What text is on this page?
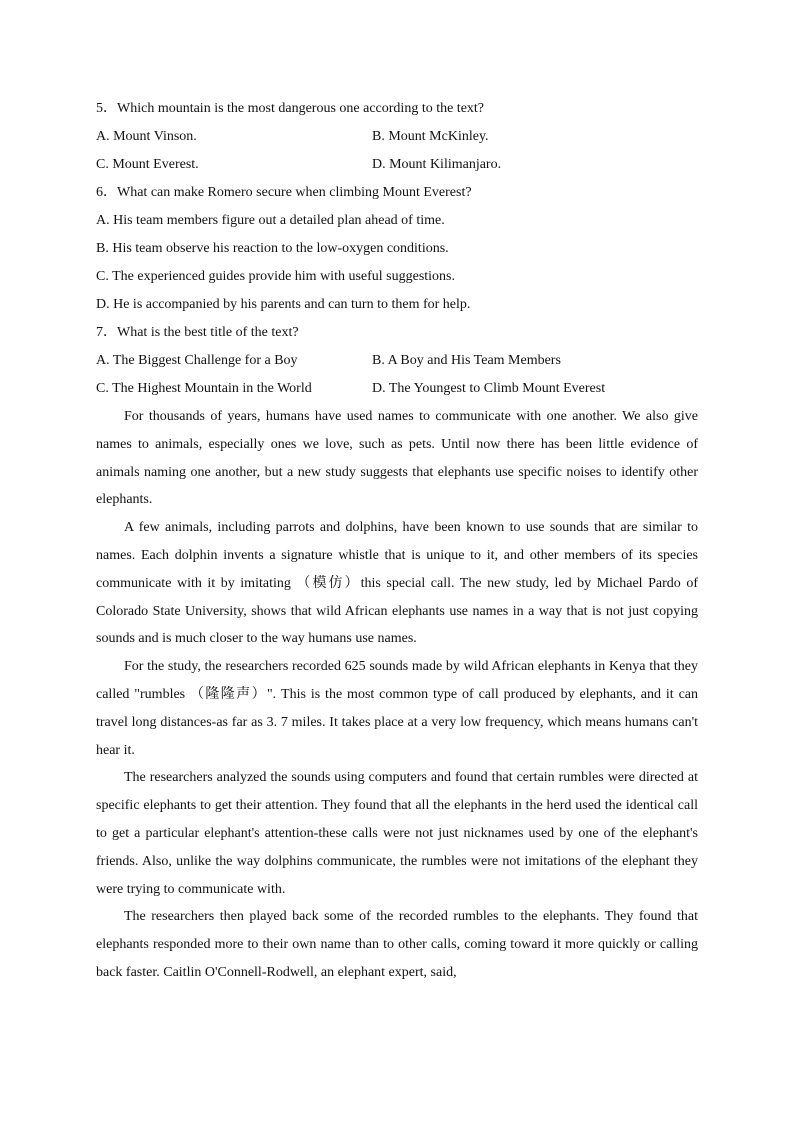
5．Which mountain is the most dangerous one according to the text?
A. Mount Vinson.	B. Mount McKinley.
C. Mount Everest.	D. Mount Kilimanjaro.
6．What can make Romero secure when climbing Mount Everest?
A. His team members figure out a detailed plan ahead of time.
B. His team observe his reaction to the low-oxygen conditions.
C. The experienced guides provide him with useful suggestions.
D. He is accompanied by his parents and can turn to them for help.
7．What is the best title of the text?
A. The Biggest Challenge for a Boy	B. A Boy and His Team Members
C. The Highest Mountain in the World	D. The Youngest to Climb Mount Everest

For thousands of years, humans have used names to communicate with one another. We also give names to animals, especially ones we love, such as pets. Until now there has been little evidence of animals naming one another, but a new study suggests that elephants use specific noises to identify other elephants.

A few animals, including parrots and dolphins, have been known to use sounds that are similar to names. Each dolphin invents a signature whistle that is unique to it, and other members of its species communicate with it by imitating （模仿）this special call. The new study, led by Michael Pardo of Colorado State University, shows that wild African elephants use names in a way that is not just copying sounds and is much closer to the way humans use names.

For the study, the researchers recorded 625 sounds made by wild African elephants in Kenya that they called "rumbles （隆隆声）". This is the most common type of call produced by elephants, and it can travel long distances-as far as 3. 7 miles. It takes place at a very low frequency, which means humans can't hear it.

The researchers analyzed the sounds using computers and found that certain rumbles were directed at specific elephants to get their attention. They found that all the elephants in the herd used the identical call to get a particular elephant's attention-these calls were not just nicknames used by one of the elephant's friends. Also, unlike the way dolphins communicate, the rumbles were not imitations of the elephant they were trying to communicate with.

The researchers then played back some of the recorded rumbles to the elephants. They found that elephants responded more to their own name than to other calls, coming toward it more quickly or calling back faster. Caitlin O'Connell-Rodwell, an elephant expert, said,
